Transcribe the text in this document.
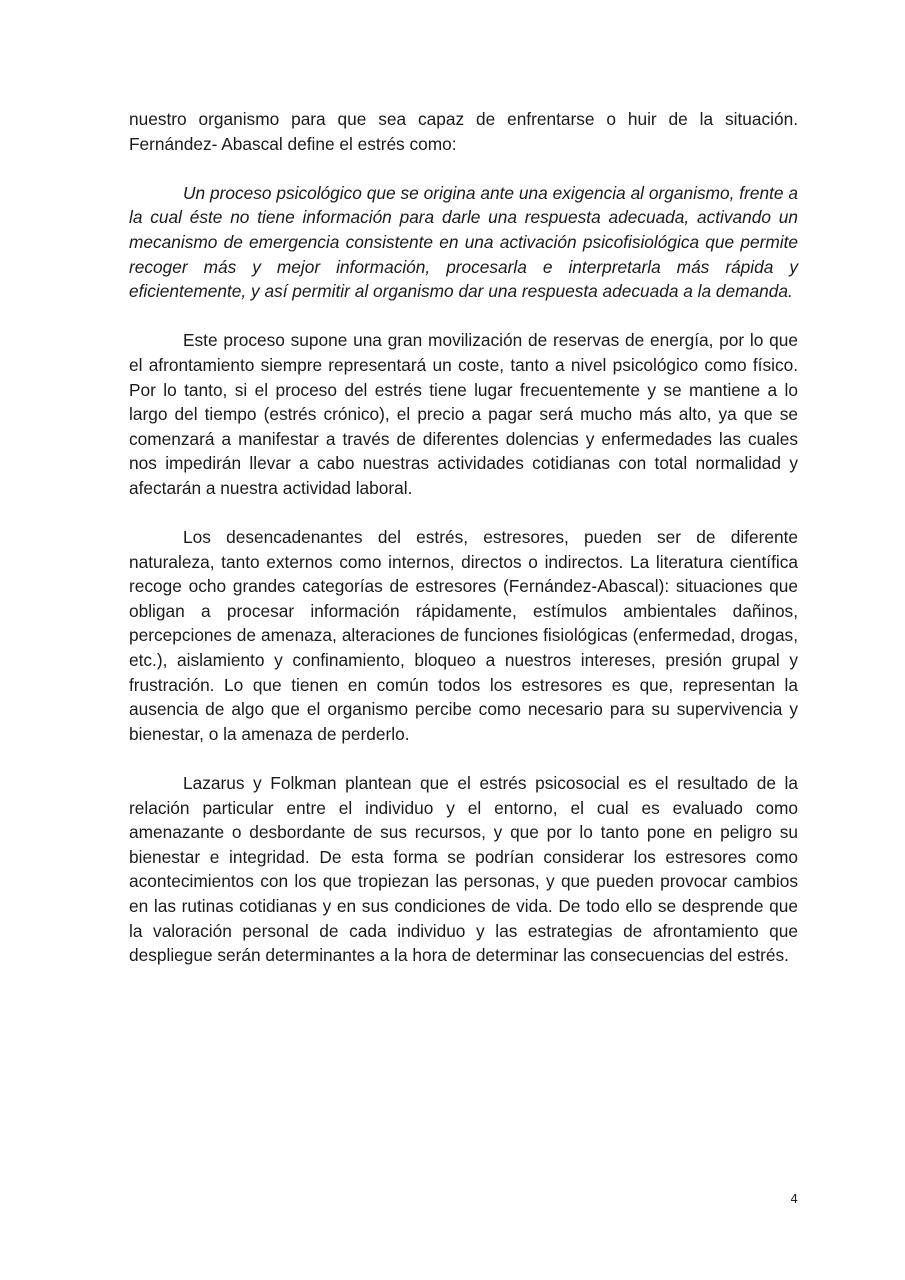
nuestro organismo para que sea capaz de enfrentarse o huir de la situación. Fernández- Abascal define el estrés como:

Un proceso psicológico que se origina ante una exigencia al organismo, frente a la cual éste no tiene información para darle una respuesta adecuada, activando un mecanismo de emergencia consistente en una activación psicofisiológica que permite recoger más y mejor información, procesarla e interpretarla más rápida y eficientemente, y así permitir al organismo dar una respuesta adecuada a la demanda.

Este proceso supone una gran movilización de reservas de energía, por lo que el afrontamiento siempre representará un coste, tanto a nivel psicológico como físico. Por lo tanto, si el proceso del estrés tiene lugar frecuentemente y se mantiene a lo largo del tiempo (estrés crónico), el precio a pagar será mucho más alto, ya que se comenzará a manifestar a través de diferentes dolencias y enfermedades las cuales nos impedirán llevar a cabo nuestras actividades cotidianas con total normalidad y afectarán a nuestra actividad laboral.

Los desencadenantes del estrés, estresores, pueden ser de diferente naturaleza, tanto externos como internos, directos o indirectos. La literatura científica recoge ocho grandes categorías de estresores (Fernández-Abascal): situaciones que obligan a procesar información rápidamente, estímulos ambientales dañinos, percepciones de amenaza, alteraciones de funciones fisiológicas (enfermedad, drogas, etc.), aislamiento y confinamiento, bloqueo a nuestros intereses, presión grupal y frustración. Lo que tienen en común todos los estresores es que, representan la ausencia de algo que el organismo percibe como necesario para su supervivencia y bienestar, o la amenaza de perderlo.

Lazarus y Folkman plantean que el estrés psicosocial es el resultado de la relación particular entre el individuo y el entorno, el cual es evaluado como amenazante o desbordante de sus recursos, y que por lo tanto pone en peligro su bienestar e integridad. De esta forma se podrían considerar los estresores como acontecimientos con los que tropiezan las personas, y que pueden provocar cambios en las rutinas cotidianas y en sus condiciones de vida. De todo ello se desprende que la valoración personal de cada individuo y las estrategias de afrontamiento que despliegue serán determinantes a la hora de determinar las consecuencias del estrés.

4
